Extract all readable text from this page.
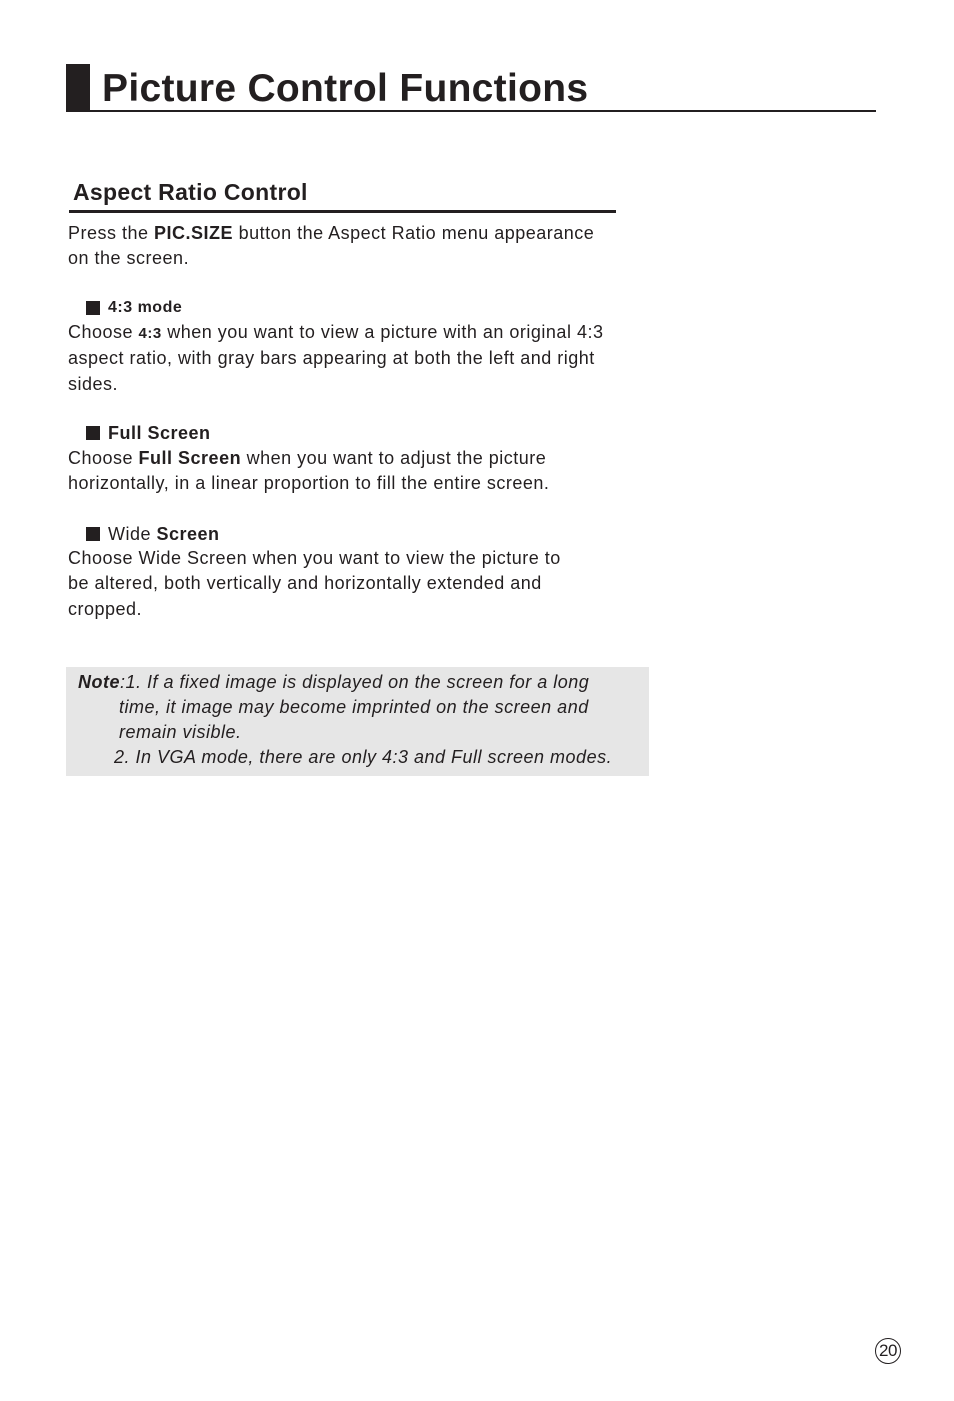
Picture Control Functions
Aspect Ratio Control
Press the PIC.SIZE button the Aspect Ratio menu appearance
on the screen.
4:3 mode
Choose 4:3 when you want to view a picture with an original 4:3
aspect ratio, with gray bars appearing at both the left and right
sides.
Full Screen
Choose Full Screen when you want to adjust the picture
horizontally, in a linear proportion to fill the entire screen.
Wide Screen
Choose Wide Screen when you want to view the picture to
be altered, both vertically and horizontally extended and
cropped.
Note:1. If a fixed image is displayed on the screen for a long
time, it image may become imprinted on the screen and
remain visible.
2. In VGA mode, there are only 4:3 and Full screen modes.
20
